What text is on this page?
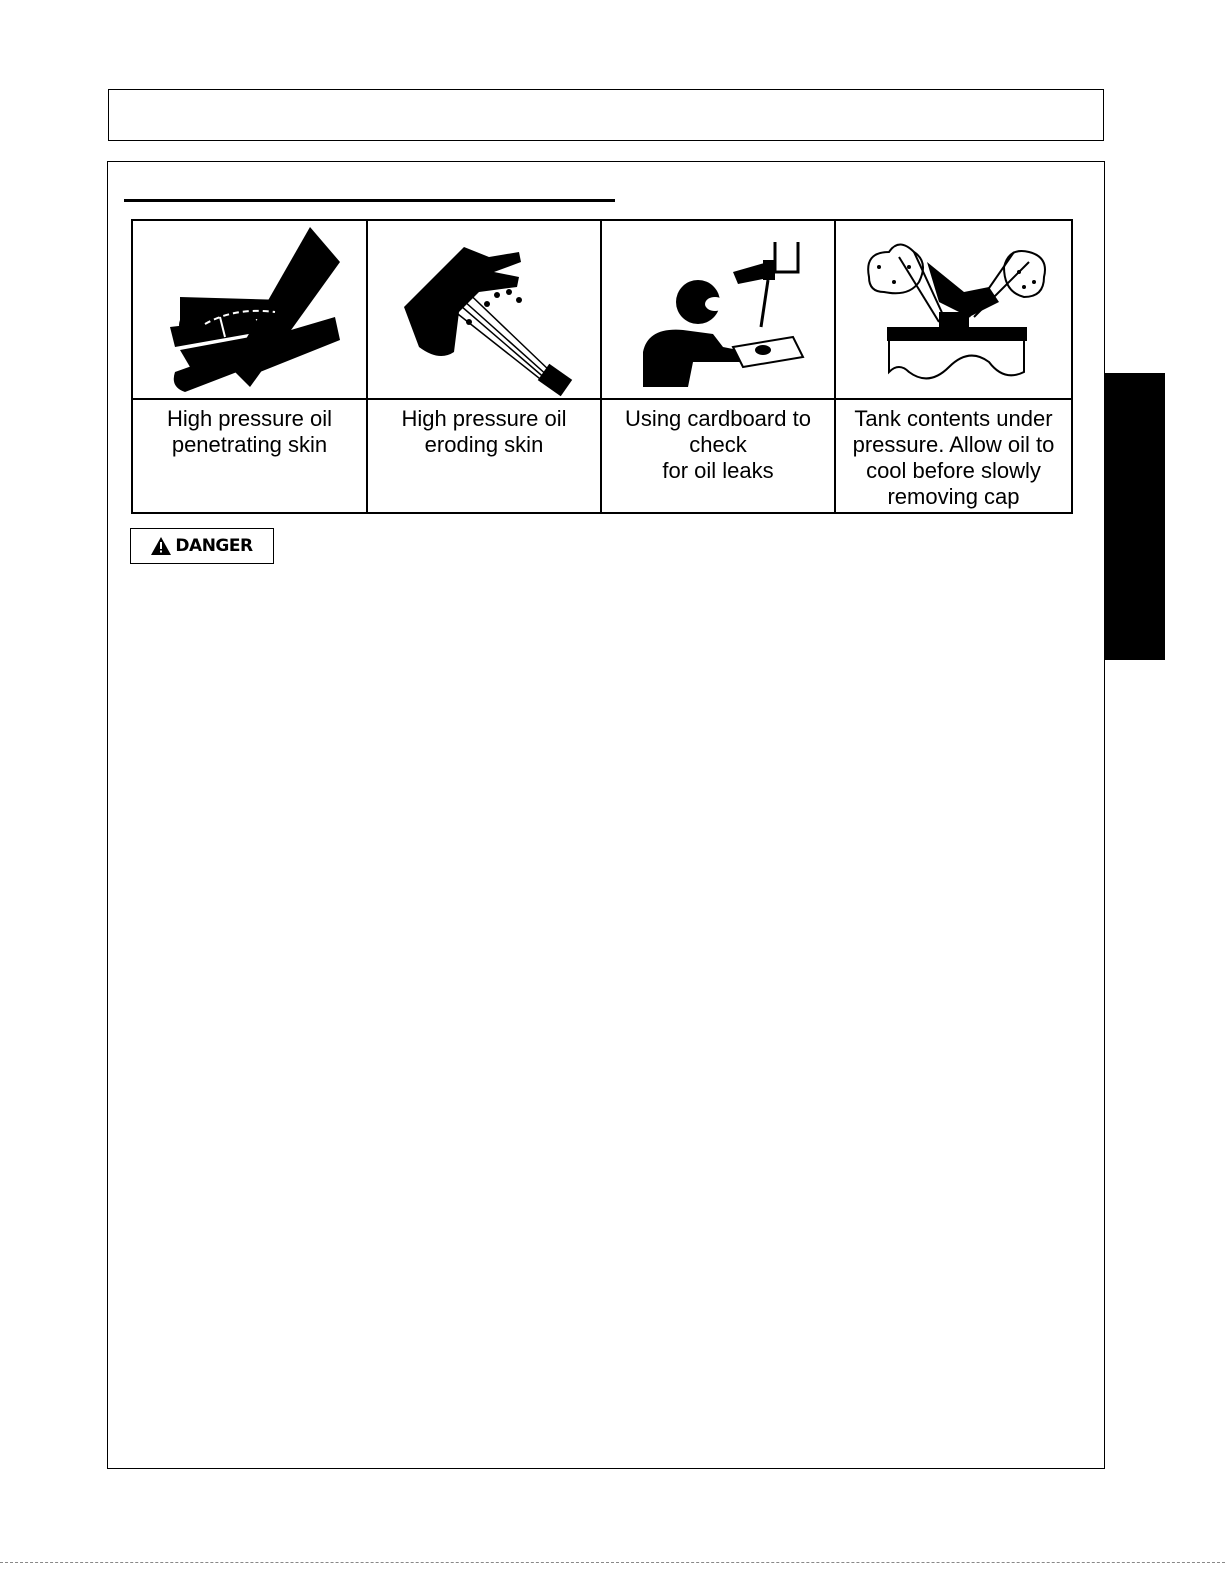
High pressure oil
penetrating skin
High pressure oil
eroding skin
Using cardboard to
check
for oil leaks
Tank contents under
pressure. Allow oil to
cool before slowly
removing cap
DANGER
